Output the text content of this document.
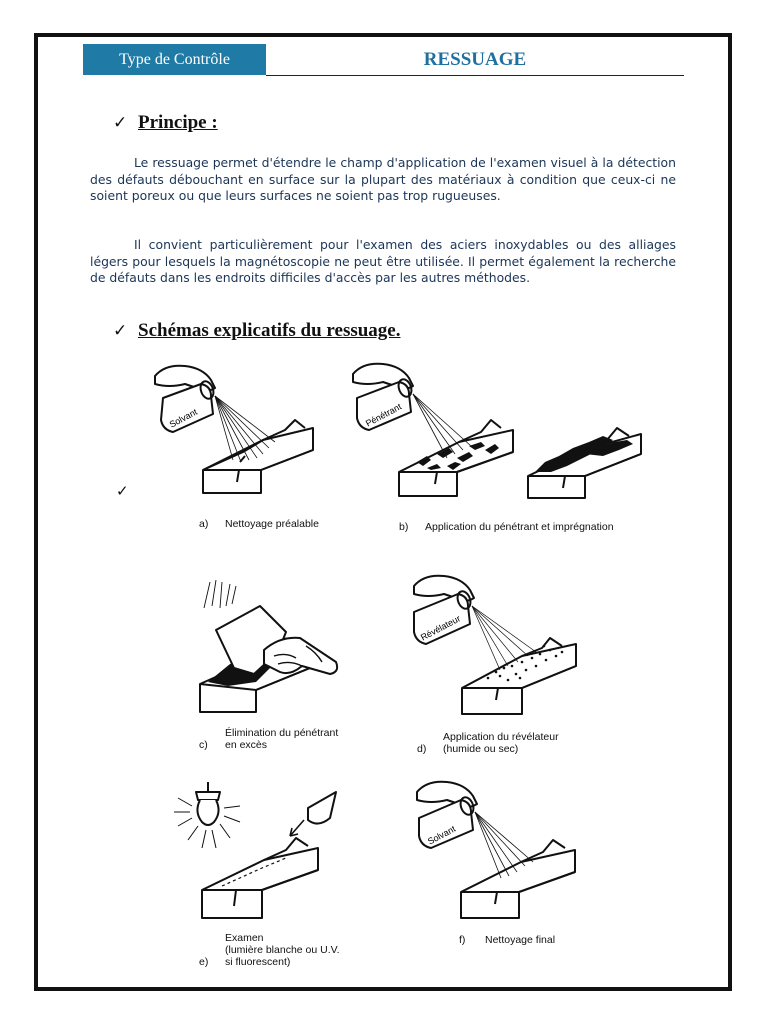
Type de Contrôle	RESSUAGE
✓ Principe :

Le ressuage permet d'étendre le champ d'application de l'examen visuel à la détection des défauts débouchant en surface sur la plupart des matériaux à condition que ceux-ci ne soient poreux ou que leurs surfaces ne soient pas trop rugueuses.

Il convient particulièrement pour l'examen des aciers inoxydables ou des alliages légers pour lesquels la magnétoscopie ne peut être utilisée. Il permet également la recherche de défauts dans les endroits difficiles d'accès par les autres méthodes.

✓ Schémas explicatifs du ressuage.
✓
Solvant	Pénétrant
a) Nettoyage préalable	b) Application du pénétrant et imprégnation
Révélateur
c)Élimination du pénétrant
en excès	d)Application du révélateur
(humide ou sec)
Solvant
e)Examen
(lumière blanche ou U.V.
si fluorescent)
f) Nettoyage final
